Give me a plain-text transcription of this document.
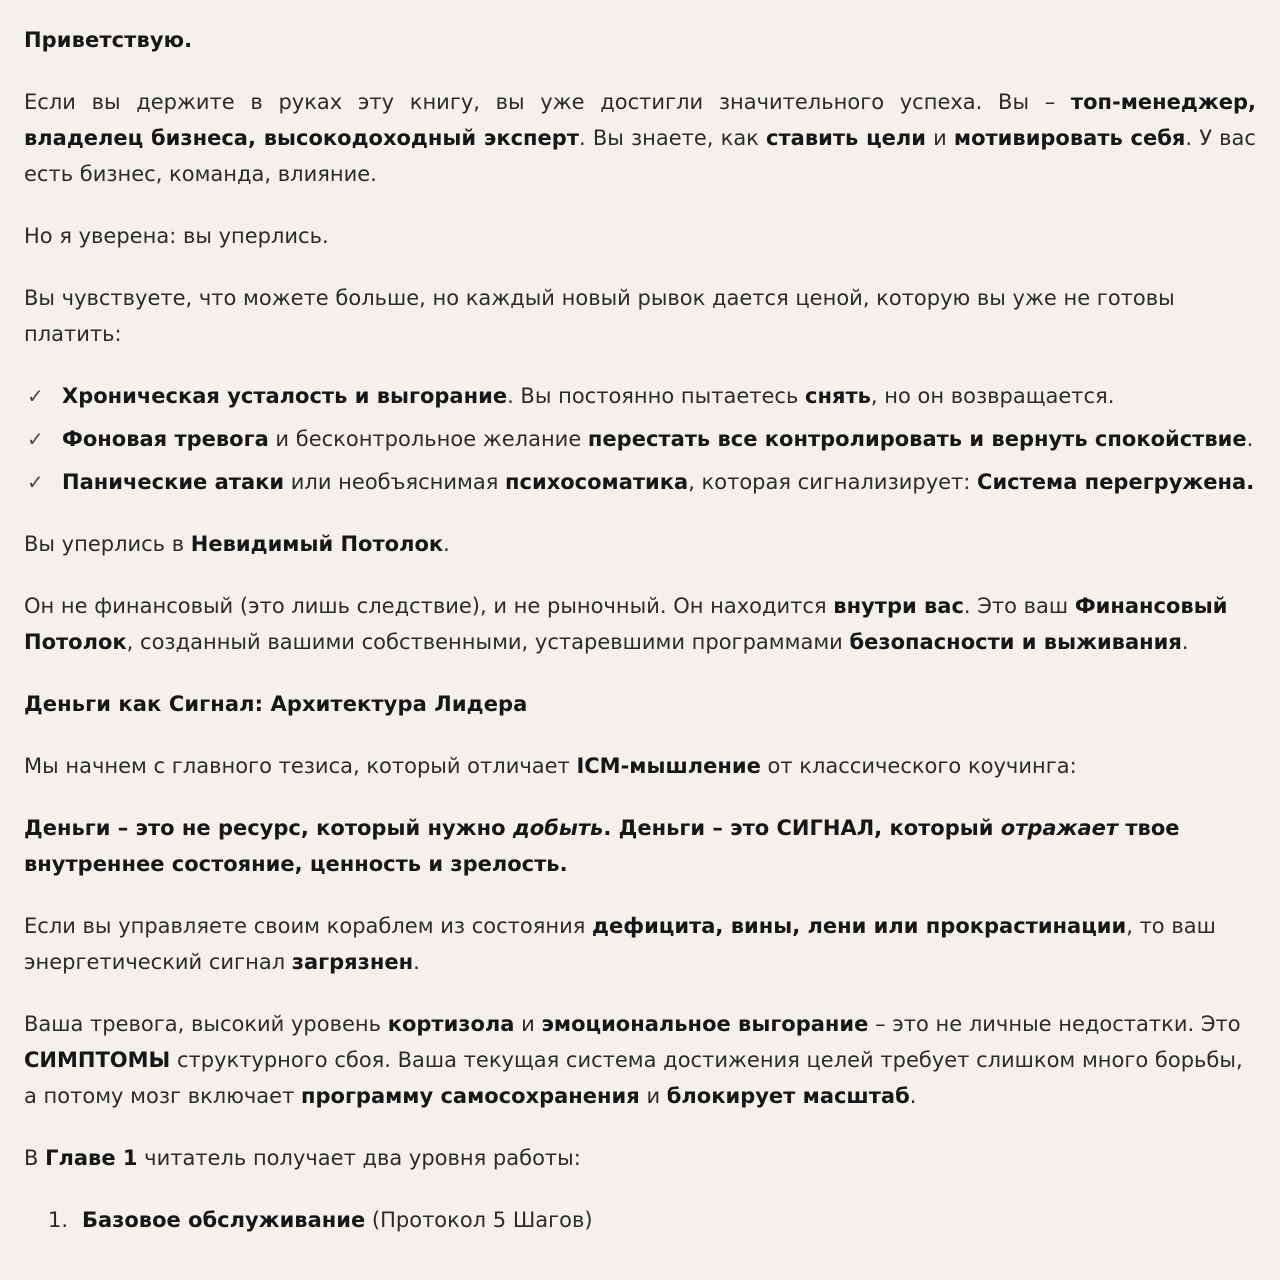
Приветствую.

Если вы держите в руках эту книгу, вы уже достигли значительного успеха. Вы – топ-менеджер, владелец бизнеса, высокодоходный эксперт. Вы знаете, как ставить цели и мотивировать себя. У вас есть бизнес, команда, влияние.

Но я уверена: вы уперлись.

Вы чувствуете, что можете больше, но каждый новый рывок дается ценой, которую вы уже не готовы платить:

✓ Хроническая усталость и выгорание. Вы постоянно пытаетесь снять, но он возвращается.
✓ Фоновая тревога и бесконтрольное желание перестать все контролировать и вернуть спокойствие.
✓ Панические атаки или необъяснимая психосоматика, которая сигнализирует: Система перегружена.

Вы уперлись в Невидимый Потолок.

Он не финансовый (это лишь следствие), и не рыночный. Он находится внутри вас. Это ваш Финансовый Потолок, созданный вашими собственными, устаревшими программами безопасности и выживания.

Деньги как Сигнал: Архитектура Лидера

Мы начнем с главного тезиса, который отличает ICM-мышление от классического коучинга:

Деньги – это не ресурс, который нужно добыть. Деньги – это СИГНАЛ, который отражает твое внутреннее состояние, ценность и зрелость.

Если вы управляете своим кораблем из состояния дефицита, вины, лени или прокрастинации, то ваш энергетический сигнал загрязнен.

Ваша тревога, высокий уровень кортизола и эмоциональное выгорание – это не личные недостатки. Это СИМПТОМЫ структурного сбоя. Ваша текущая система достижения целей требует слишком много борьбы, а потому мозг включает программу самосохранения и блокирует масштаб.

В Главе 1 читатель получает два уровня работы:

1. Базовое обслуживание (Протокол 5 Шагов)
